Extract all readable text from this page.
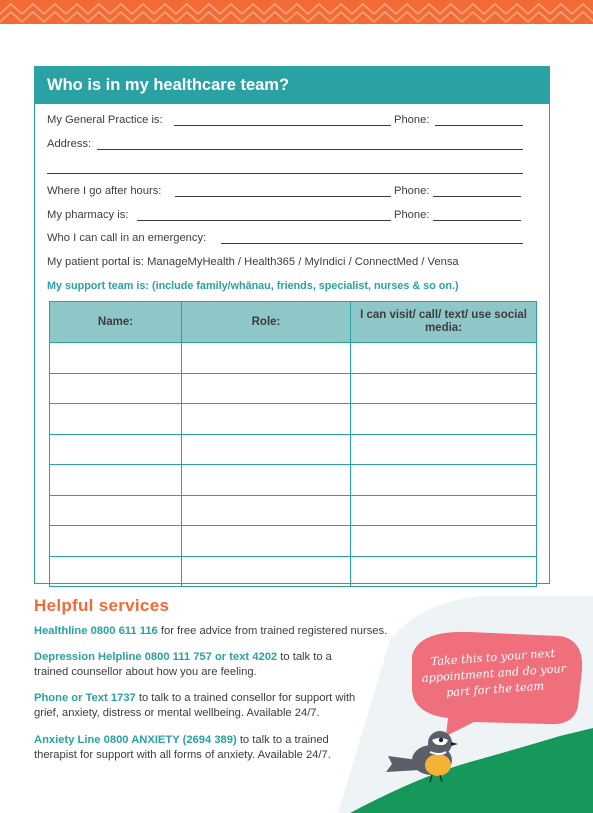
Take this to your next appointment and do your part for the team
Who is in my healthcare team?
My General Practice is:	Phone:
Address:
Where I go after hours:	Phone:
My pharmacy is:	Phone:
Who I can call in an emergency:
My patient portal is: ManageMyHealth / Health365 / MyIndici / ConnectMed / Vensa
My support team is: (include family/whānau, friends, specialist, nurses & so on.)
Name:	Role:	I can visit/ call/ text/ use social media:

Helpful services
Healthline 0800 611 116 for free advice from trained registered nurses.
Depression Helpline 0800 111 757 or text 4202 to talk to a trained counsellor about how you are feeling.
Phone or Text 1737 to talk to a trained consellor for support with grief, anxiety, distress or mental wellbeing. Available 24/7.
Anxiety Line 0800 ANXIETY (2694 389) to talk to a trained therapist for support with all forms of anxiety. Available 24/7.
